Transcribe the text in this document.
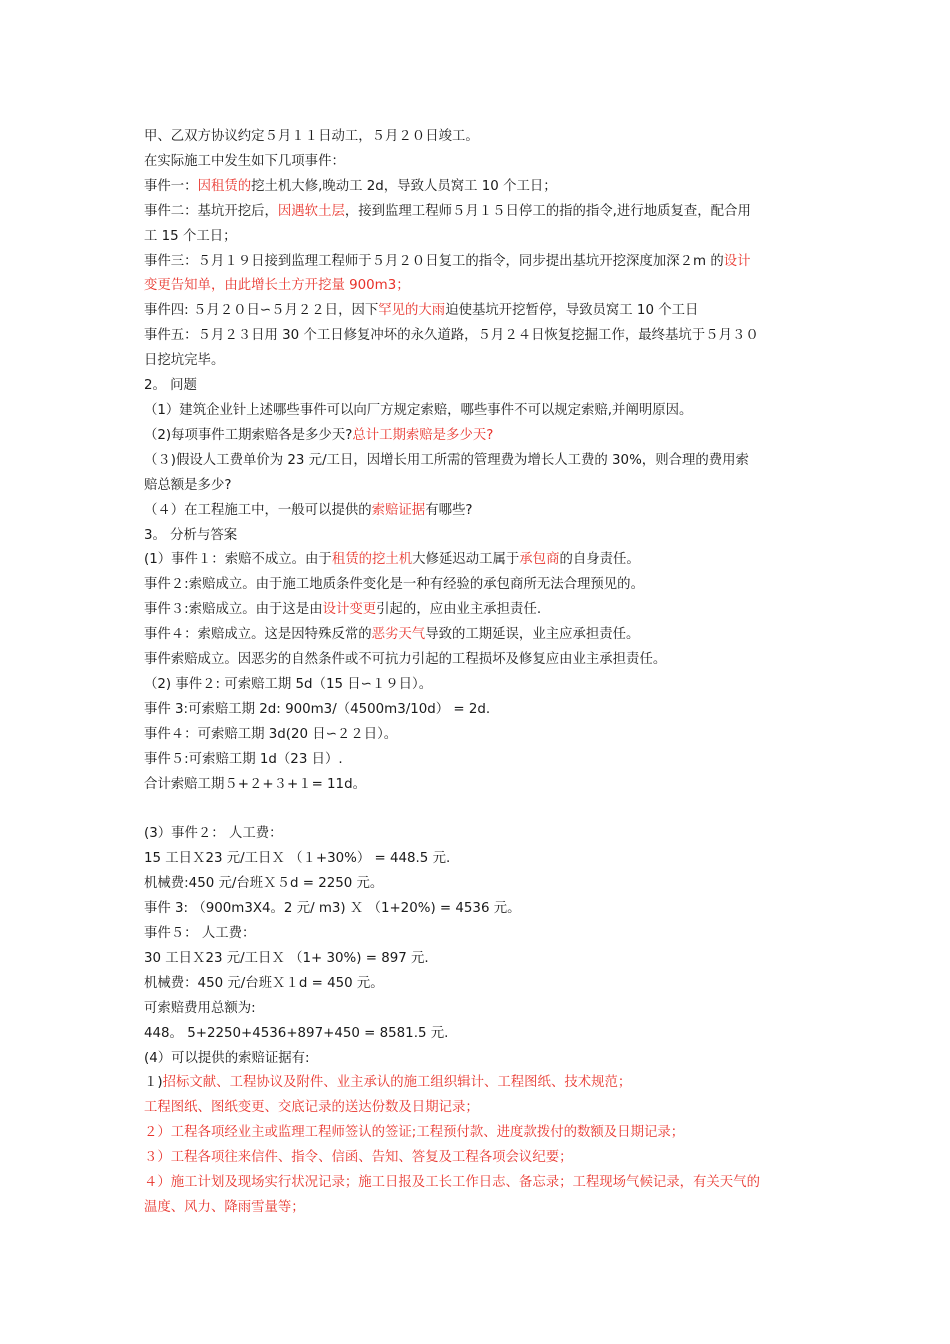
甲、乙双方协议约定５月１１日动工，５月２０日竣工。
在实际施工中发生如下几项事件：
事件一：因租赁的挖土机大修,晚动工 2d，导致人员窝工 10 个工日；
事件二：基坑开挖后，因遇软土层，接到监理工程师５月１５日停工的指的指令,进行地质复查，配合用
工 15 个工日；
事件三：５月１９日接到监理工程师于５月２０日复工的指令，同步提出基坑开挖深度加深２m 的设计
变更告知单，由此增长土方开挖量 900m3；
事件四: ５月２０日∽５月２２日，因下罕见的大雨迫使基坑开挖暂停，导致员窝工 10 个工日
事件五：５月２３日用 30 个工日修复冲坏的永久道路，５月２４日恢复挖掘工作，最终基坑于５月３０
日挖坑完毕。
2。 问题
（1）建筑企业针上述哪些事件可以向厂方规定索赔，哪些事件不可以规定索赔,并阐明原因。
（2)每项事件工期索赔各是多少天?总计工期索赔是多少天?
（３)假设人工费单价为 23 元/工日，因增长用工所需的管理费为增长人工费的 30%，则合理的费用索
赔总额是多少?
（４）在工程施工中，一般可以提供的索赔证据有哪些?
3。 分析与答案
(1）事件１：索赔不成立。由于租赁的挖土机大修延迟动工属于承包商的自身责任。
事件２:索赔成立。由于施工地质条件变化是一种有经验的承包商所无法合理预见的。
事件３:索赔成立。由于这是由设计变更引起的，应由业主承担责任.
事件４：索赔成立。这是因特殊反常的恶劣天气导致的工期延误，业主应承担责任。
事件索赔成立。因恶劣的自然条件或不可抗力引起的工程损坏及修复应由业主承担责任。
（2) 事件２: 可索赔工期 5d（15 日∽１９日）。
事件 3:可索赔工期 2d: 900m3/（4500m3/10d） = 2d.
事件４：可索赔工期 3d(20 日∽２２日）。
事件５:可索赔工期 1d（23 日）.
合计索赔工期５+２+３+１= 11d。
(3）事件２： 人工费：
15 工日Ｘ23 元/工日Ｘ （１+30%） = 448.5 元.
机械费:450 元/台班Ｘ５d = 2250 元。
事件 3: （900m3X4。2 元/ m3) Ｘ （1+20%) = 4536 元。
事件５： 人工费：
30 工日Ｘ23 元/工日Ｘ （1+ 30%) = 897 元.
机械费：450 元/台班Ｘ１d = 450 元。
可索赔费用总额为:
448。 5+2250+4536+897+450 = 8581.5 元.
(4）可以提供的索赔证据有:
１)招标文献、工程协议及附件、业主承认的施工组织辑计、工程图纸、技术规范；
工程图纸、图纸变更、交底记录的送达份数及日期记录；
２）工程各项经业主或监理工程师签认的签证;工程预付款、进度款拨付的数额及日期记录；
３）工程各项往来信件、指令、信函、告知、答复及工程各项会议纪要；
４）施工计划及现场实行状况记录；施工日报及工长工作日志、备忘录；工程现场气候记录，有关天气的
温度、风力、降雨雪量等；
